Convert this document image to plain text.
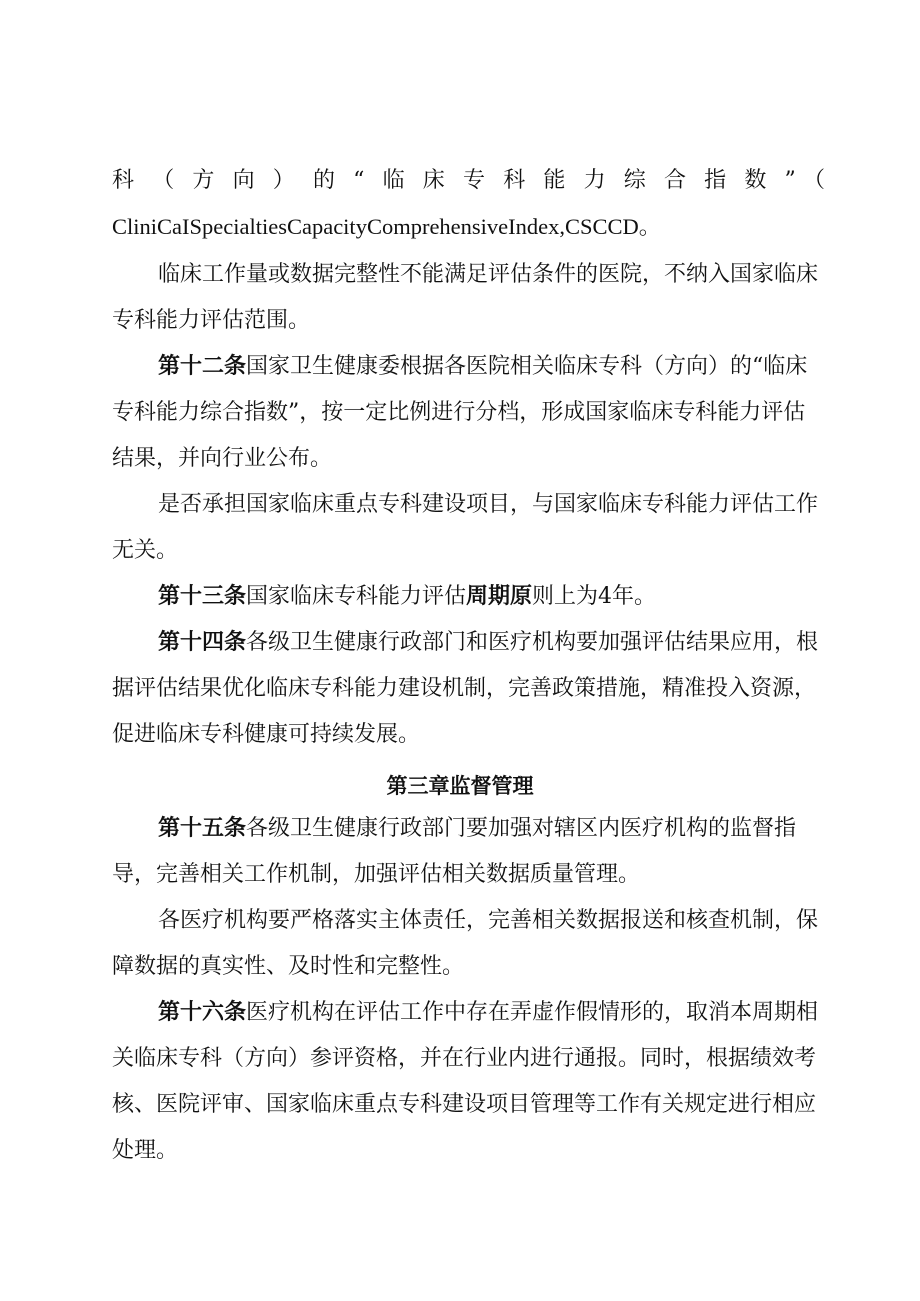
科（方向）的“临床专科能力综合指数”（

CliniCaISpecialtiesCapacityComprehensiveIndex,CSCCD。

临床工作量或数据完整性不能满足评估条件的医院，不纳入国家临床专科能力评估范围。

第十二条国家卫生健康委根据各医院相关临床专科（方向）的“临床专科能力综合指数”，按一定比例进行分档，形成国家临床专科能力评估结果，并向行业公布。

是否承担国家临床重点专科建设项目，与国家临床专科能力评估工作无关。

第十三条国家临床专科能力评估周期原则上为4年。

第十四条各级卫生健康行政部门和医疗机构要加强评估结果应用，根据评估结果优化临床专科能力建设机制，完善政策措施，精准投入资源，促进临床专科健康可持续发展。

第三章监督管理

第十五条各级卫生健康行政部门要加强对辖区内医疗机构的监督指导，完善相关工作机制，加强评估相关数据质量管理。

各医疗机构要严格落实主体责任，完善相关数据报送和核查机制，保障数据的真实性、及时性和完整性。

第十六条医疗机构在评估工作中存在弄虚作假情形的，取消本周期相关临床专科（方向）参评资格，并在行业内进行通报。同时，根据绩效考核、医院评审、国家临床重点专科建设项目管理等工作有关规定进行相应处理。
